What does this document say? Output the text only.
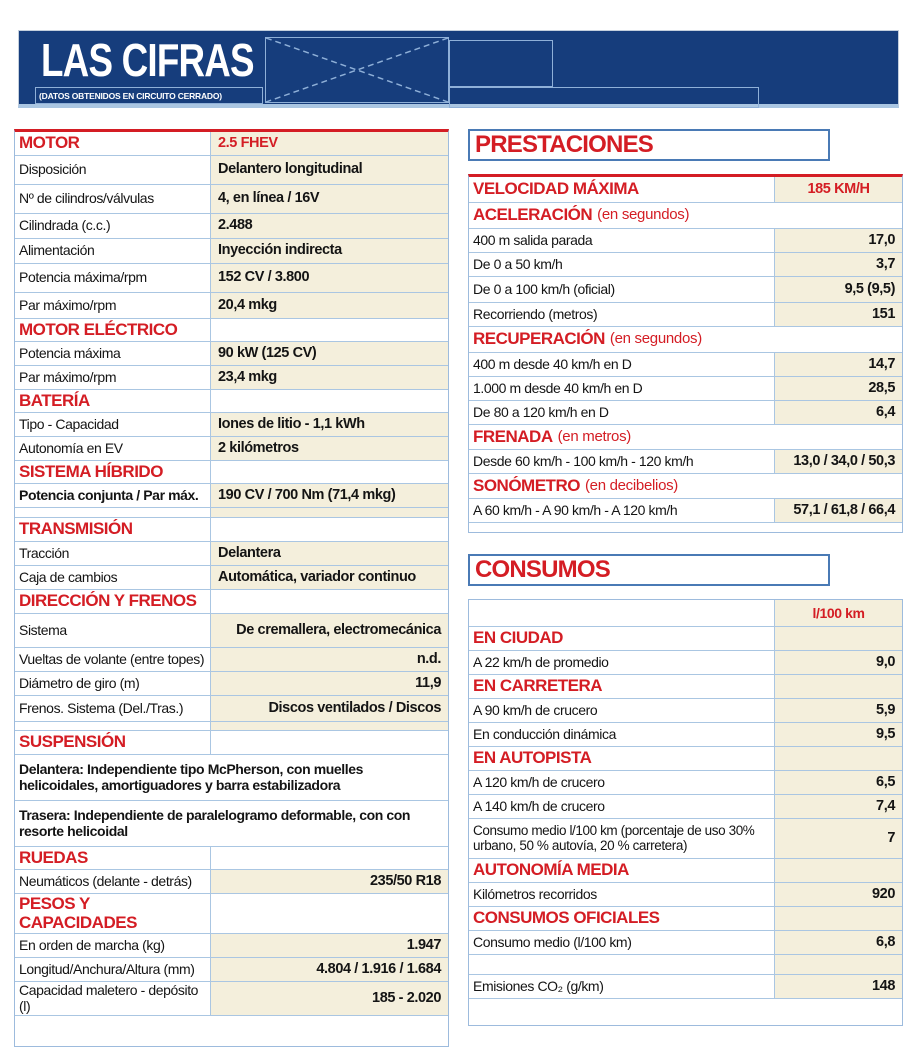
LAS CIFRAS
(DATOS OBTENIDOS EN CIRCUITO CERRADO)
MOTOR	2.5 FHEV
Disposición	Delantero longitudinal
Nº de cilindros/válvulas	4, en línea / 16V
Cilindrada (c.c.)	2.488
Alimentación	Inyección indirecta
Potencia máxima/rpm	152 CV / 3.800
Par máximo/rpm	20,4 mkg
MOTOR ELÉCTRICO
Potencia máxima	90 kW (125 CV)
Par máximo/rpm	23,4 mkg
BATERÍA
Tipo - Capacidad	Iones de litio - 1,1 kWh
Autonomía en EV	2 kilómetros
SISTEMA HÍBRIDO
Potencia conjunta / Par máx.	190 CV / 700 Nm (71,4 mkg)
TRANSMISIÓN
Tracción	Delantera
Caja de cambios	Automática, variador continuo
DIRECCIÓN Y FRENOS
Sistema	De cremallera, electromecánica
Vueltas de volante (entre topes)	n.d.
Diámetro de giro (m)	11,9
Frenos. Sistema (Del./Tras.)	Discos ventilados / Discos
SUSPENSIÓN
Delantera: Independiente tipo McPherson, con muelles helicoidales, amortiguadores y barra estabilizadora
Trasera: Independiente de paralelogramo deformable, con con resorte helicoidal
RUEDAS
Neumáticos (delante - detrás)	235/50 R18
PESOS Y CAPACIDADES
En orden de marcha (kg)	1.947
Longitud/Anchura/Altura (mm)	4.804 / 1.916 / 1.684
Capacidad maletero - depósito (l)	185 - 2.020
PRESTACIONES
VELOCIDAD MÁXIMA	185 KM/H
ACELERACIÓN (en segundos)
400 m salida parada	17,0
De 0 a 50 km/h	3,7
De 0 a 100 km/h (oficial)	9,5 (9,5)
Recorriendo (metros)	151
RECUPERACIÓN (en segundos)
400 m desde 40 km/h en D	14,7
1.000 m desde 40 km/h en D	28,5
De 80 a 120 km/h en D	6,4
FRENADA (en metros)
Desde 60 km/h - 100 km/h - 120 km/h	13,0 / 34,0 / 50,3
SONÓMETRO (en decibelios)
A 60 km/h - A 90 km/h - A 120 km/h	57,1 / 61,8 / 66,4
CONSUMOS
l/100 km
EN CIUDAD
A 22 km/h de promedio	9,0
EN CARRETERA
A 90 km/h de crucero	5,9
En conducción dinámica	9,5
EN AUTOPISTA
A 120 km/h de crucero	6,5
A 140 km/h de crucero	7,4
Consumo medio l/100 km (porcentaje de uso 30% urbano, 50 % autovía, 20 % carretera)	7
AUTONOMÍA MEDIA
Kilómetros recorridos	920
CONSUMOS OFICIALES
Consumo medio (l/100 km)	6,8
Emisiones CO₂ (g/km)	148
